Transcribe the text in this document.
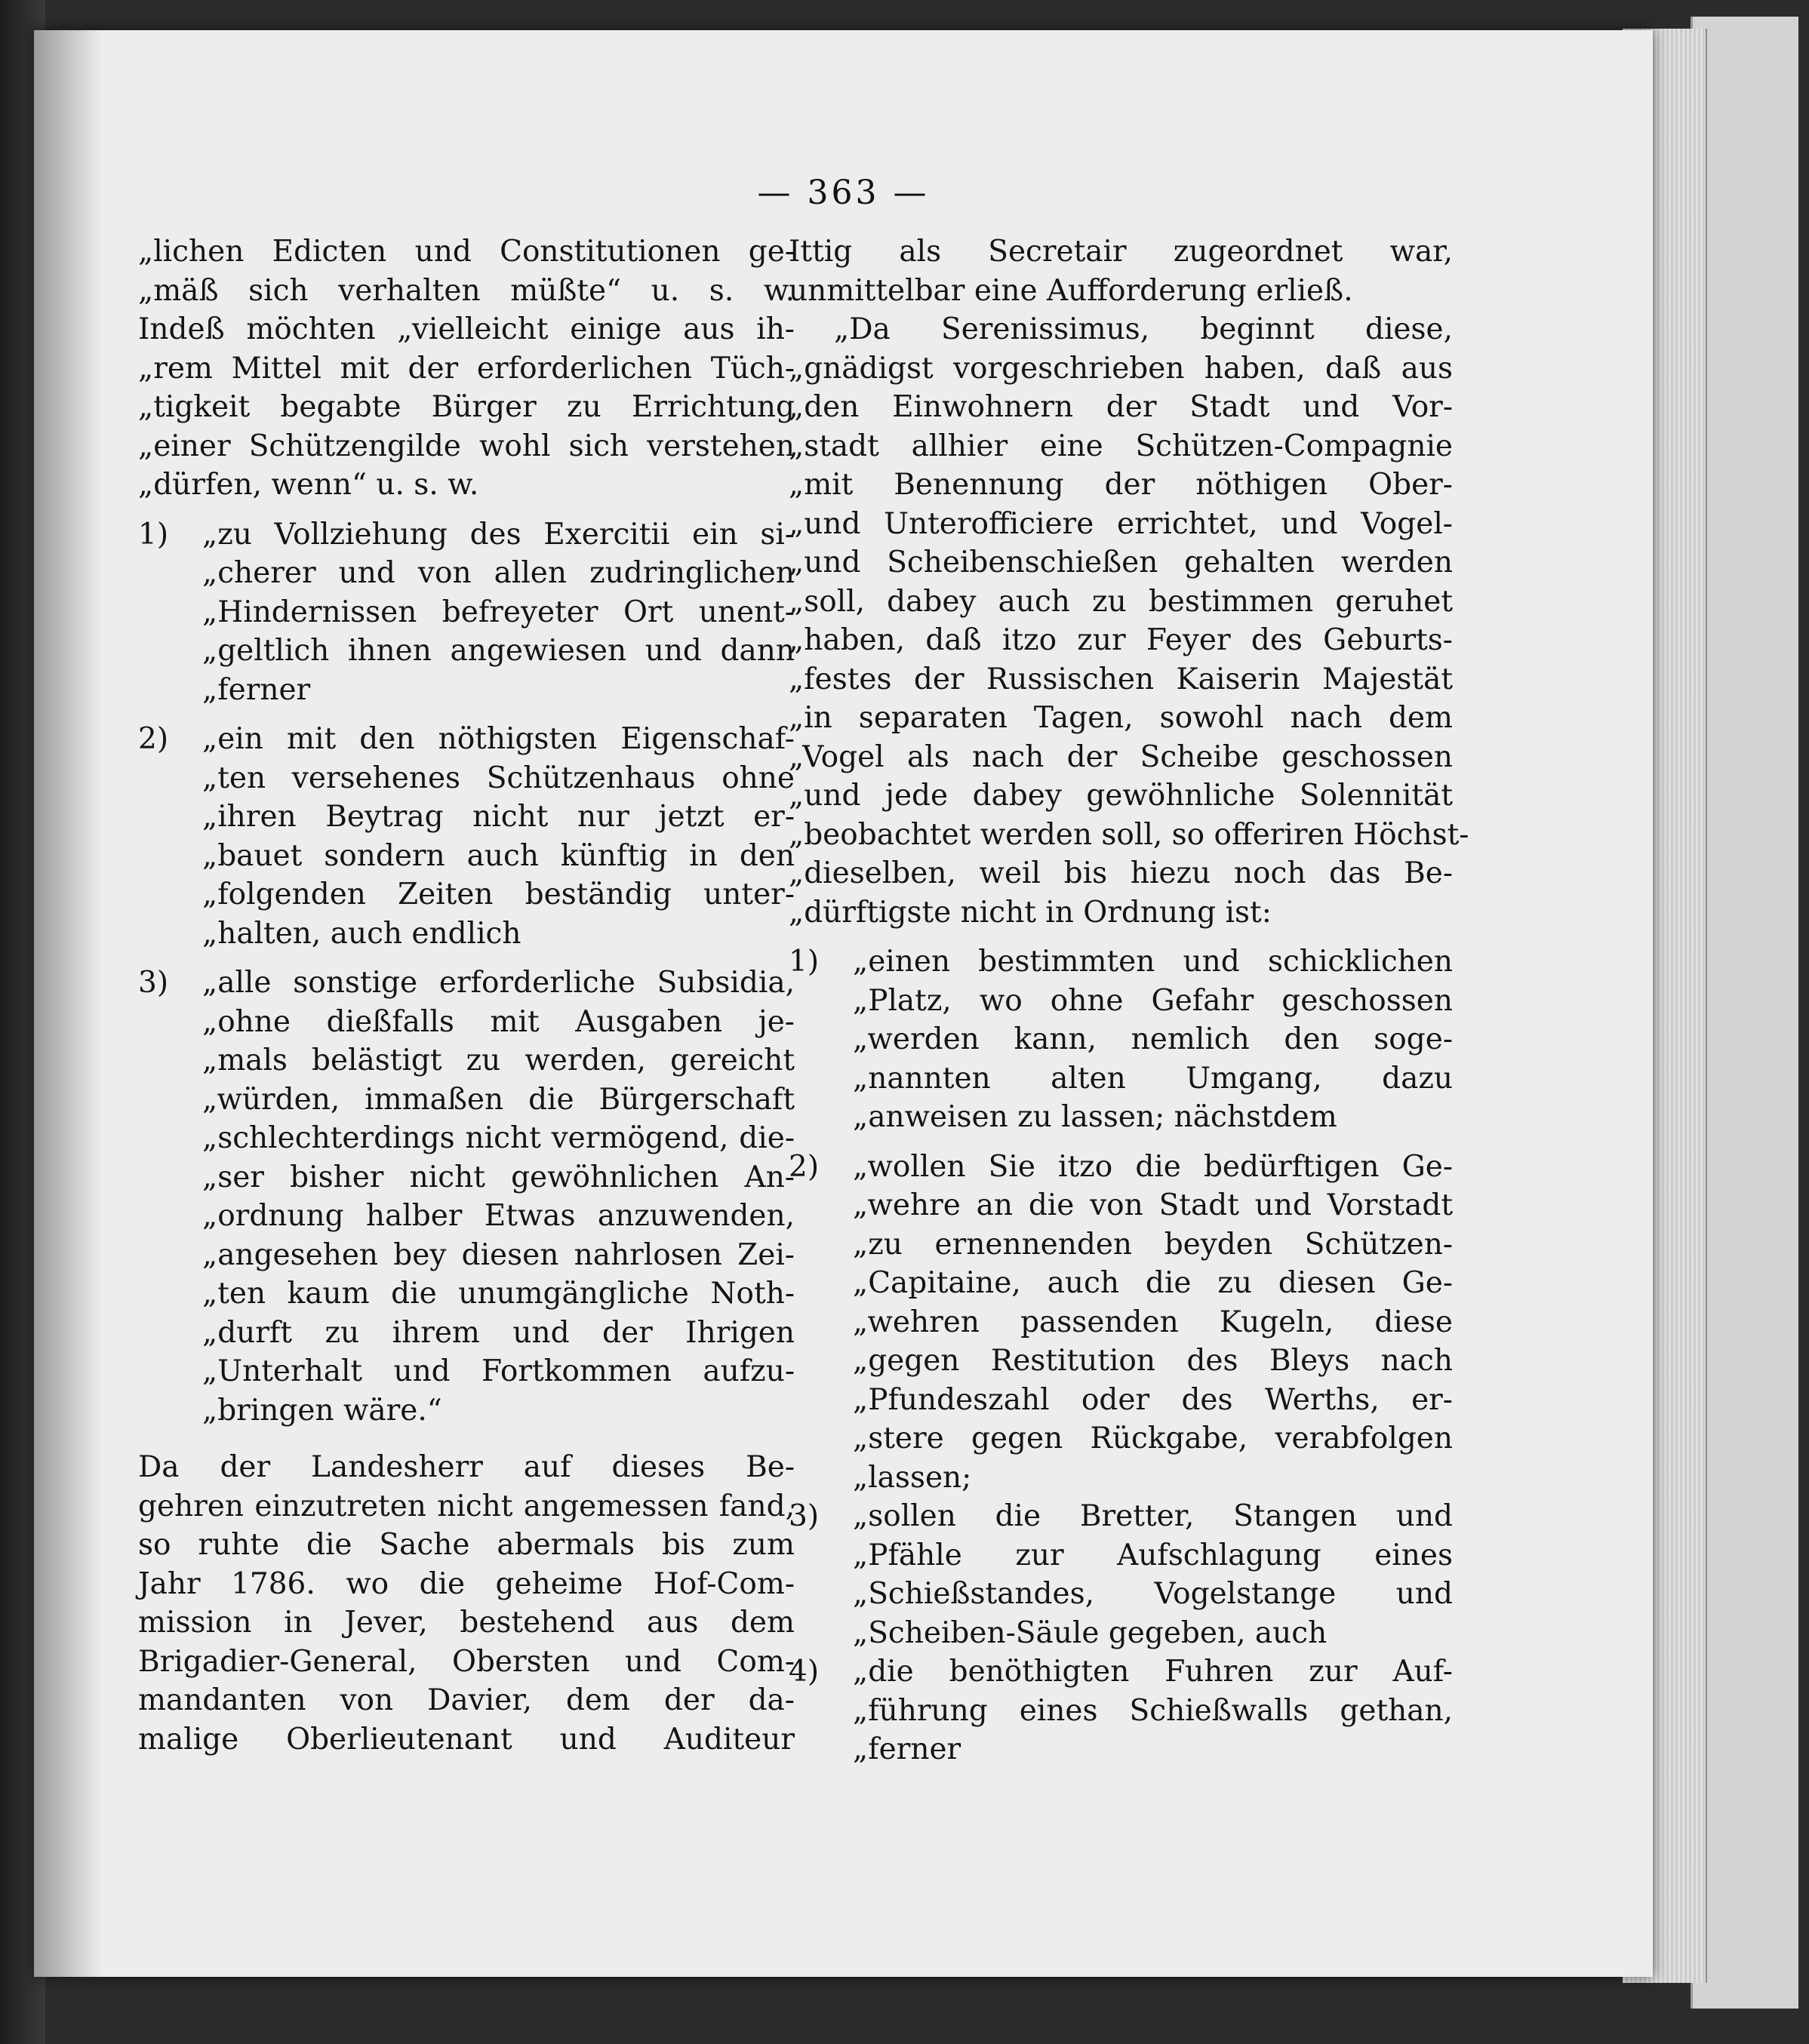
— 363 —
„lichen Edicten und Constitutionen ge-
„mäß sich verhalten müßte“ u. s. w.
Indeß möchten „vielleicht einige aus ih-
„rem Mittel mit der erforderlichen Tüch-
„tigkeit begabte Bürger zu Errichtung
„einer Schützengilde wohl sich verstehen
„dürfen, wenn“ u. s. w.
1)	„zu Vollziehung des Exercitii ein si-
„cherer und von allen zudringlichen
„Hindernissen befreyeter Ort unent-
„geltlich ihnen angewiesen und dann
„ferner
2)	„ein mit den nöthigsten Eigenschaf-
„ten versehenes Schützenhaus ohne
„ihren Beytrag nicht nur jetzt er-
„bauet sondern auch künftig in den
„folgenden Zeiten beständig unter-
„halten, auch endlich
3)	„alle sonstige erforderliche Subsidia,
„ohne dießfalls mit Ausgaben je-
„mals belästigt zu werden, gereicht
„würden, immaßen die Bürgerschaft
„schlechterdings nicht vermögend, die-
„ser bisher nicht gewöhnlichen An-
„ordnung halber Etwas anzuwenden,
„angesehen bey diesen nahrlosen Zei-
„ten kaum die unumgängliche Noth-
„durft zu ihrem und der Ihrigen
„Unterhalt und Fortkommen aufzu-
„bringen wäre.“
Da der Landesherr auf dieses Be-
gehren einzutreten nicht angemessen fand,
so ruhte die Sache abermals bis zum
Jahr 1786. wo die geheime Hof-Com-
mission in Jever, bestehend aus dem
Brigadier-General, Obersten und Com-
mandanten von Davier, dem der da-
malige Oberlieutenant und Auditeur
Ittig als Secretair zugeordnet war,
unmittelbar eine Aufforderung erließ.
„Da Serenissimus, beginnt diese,
„gnädigst vorgeschrieben haben, daß aus
„den Einwohnern der Stadt und Vor-
„stadt allhier eine Schützen-Compagnie
„mit Benennung der nöthigen Ober-
„und Unterofficiere errichtet, und Vogel-
„und Scheibenschießen gehalten werden
„soll, dabey auch zu bestimmen geruhet
„haben, daß itzo zur Feyer des Geburts-
„festes der Russischen Kaiserin Majestät
„in separaten Tagen, sowohl nach dem
„Vogel als nach der Scheibe geschossen
„und jede dabey gewöhnliche Solennität
„beobachtet werden soll, so offeriren Höchst-
„dieselben, weil bis hiezu noch das Be-
„dürftigste nicht in Ordnung ist:
1)	„einen bestimmten und schicklichen
„Platz, wo ohne Gefahr geschossen
„werden kann, nemlich den soge-
„nannten alten Umgang, dazu
„anweisen zu lassen; nächstdem
2)	„wollen Sie itzo die bedürftigen Ge-
„wehre an die von Stadt und Vorstadt
„zu ernennenden beyden Schützen-
„Capitaine, auch die zu diesen Ge-
„wehren passenden Kugeln, diese
„gegen Restitution des Bleys nach
„Pfundeszahl oder des Werths, er-
„stere gegen Rückgabe, verabfolgen
„lassen;
3)	„sollen die Bretter, Stangen und
„Pfähle zur Aufschlagung eines
„Schießstandes, Vogelstange und
„Scheiben-Säule gegeben, auch
4)	„die benöthigten Fuhren zur Auf-
„führung eines Schießwalls gethan,
„ferner
